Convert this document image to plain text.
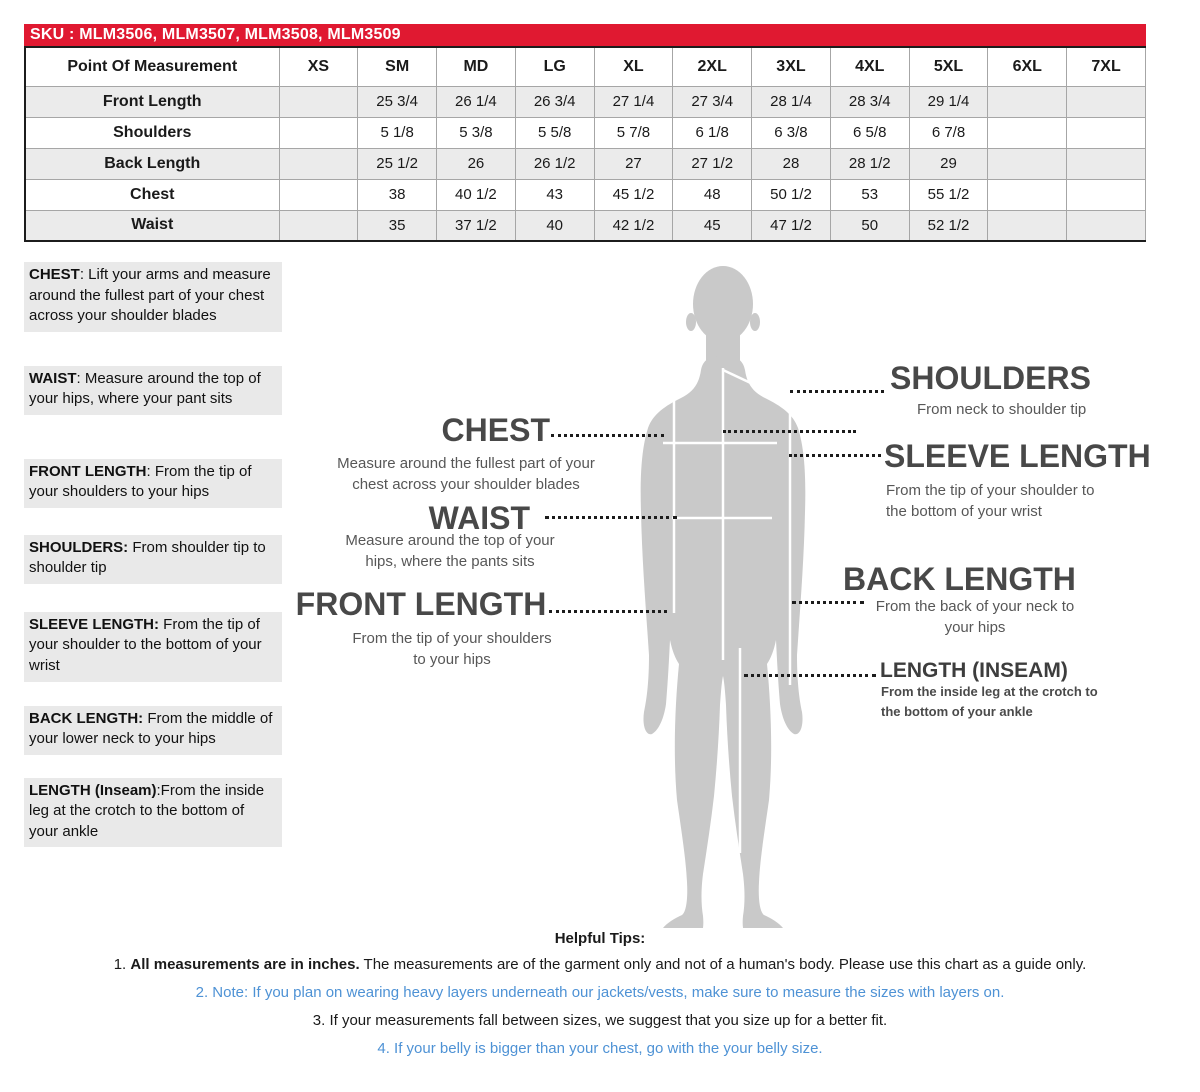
SKU : MLM3506, MLM3507, MLM3508, MLM3509
Point Of Measurement	XS	SM	MD	LG	XL	2XL	3XL	4XL	5XL	6XL	7XL
Front Length		25 3/4	26 1/4	26 3/4	27 1/4	27 3/4	28 1/4	28 3/4	29 1/4		
Shoulders		5 1/8	5 3/8	5 5/8	5 7/8	6 1/8	6 3/8	6 5/8	6 7/8		
Back Length		25 1/2	26	26 1/2	27	27 1/2	28	28 1/2	29		
Chest		38	40 1/2	43	45 1/2	48	50 1/2	53	55 1/2		
Waist		35	37 1/2	40	42 1/2	45	47 1/2	50	52 1/2		
CHEST: Lift your arms and measure around the fullest part of your chest across your shoulder blades
WAIST: Measure around the top of your hips, where your pant sits
FRONT LENGTH: From the tip of your shoulders to your hips
SHOULDERS: From shoulder tip to shoulder tip
SLEEVE LENGTH: From the tip of your shoulder to the bottom of your wrist
BACK LENGTH: From the middle of your lower neck to your hips
LENGTH (Inseam):From the inside leg at the crotch to the bottom of your ankle
CHEST
Measure around the fullest part of your chest across your shoulder blades
WAIST
Measure around the top of your hips, where the pants sits
FRONT LENGTH
From the tip of your shoulders to your hips
SHOULDERS
From neck to shoulder tip
SLEEVE LENGTH
From the tip of your shoulder to the bottom of your wrist
BACK LENGTH
From the back of your neck to your hips
LENGTH (INSEAM)
From the inside leg at the crotch to the bottom of your ankle
Helpful Tips:
1. All measurements are in inches. The measurements are of the garment only and not of a human's body. Please use this chart as a guide only.
2. Note: If you plan on wearing heavy layers underneath our jackets/vests, make sure to measure the sizes with layers on.
3. If your measurements fall between sizes, we suggest that you size up for a better fit.
4. If your belly is bigger than your chest, go with the your belly size.
